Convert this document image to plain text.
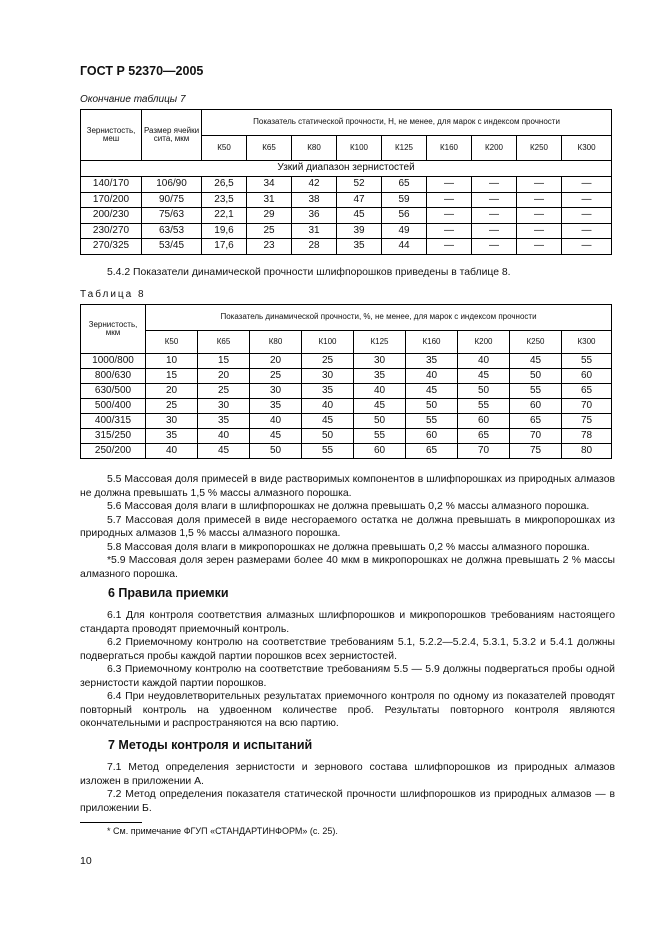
ГОСТ Р 52370—2005
Окончание таблицы 7
Зернистость, меш	Размер ячейки сита, мкм	Показатель статической прочности, Н, не менее, для марок с индексом прочности								
		К50	К65	К80	К100	К125	К160	К200	К250	К300
Узкий диапазон зернистостей										
140/170	106/90	26,5	34	42	52	65	—	—	—	—
170/200	90/75	23,5	31	38	47	59	—	—	—	—
200/230	75/63	22,1	29	36	45	56	—	—	—	—
230/270	63/53	19,6	25	31	39	49	—	—	—	—
270/325	53/45	17,6	23	28	35	44	—	—	—	—

5.4.2 Показатели динамической прочности шлифпорошков приведены в таблице 8.

Таблица 8
Зернистость, мкм	Показатель динамической прочности, %, не менее, для марок с индексом прочности								
	К50	К65	К80	К100	К125	К160	К200	К250	К300
1000/800	10	15	20	25	30	35	40	45	55
800/630	15	20	25	30	35	40	45	50	60
630/500	20	25	30	35	40	45	50	55	65
500/400	25	30	35	40	45	50	55	60	70
400/315	30	35	40	45	50	55	60	65	75
315/250	35	40	45	50	55	60	65	70	78
250/200	40	45	50	55	60	65	70	75	80

5.5 Массовая доля примесей в виде растворимых компонентов в шлифпорошках из природных алмазов не должна превышать 1,5 % массы алмазного порошка.

5.6 Массовая доля влаги в шлифпорошках не должна превышать 0,2 % массы алмазного порошка.

5.7 Массовая доля примесей в виде несгораемого остатка не должна превышать в микропорошках из природных алмазов 1,5 % массы алмазного порошка.

5.8 Массовая доля влаги в микропорошках не должна превышать 0,2 % массы алмазного порошка.

*5.9 Массовая доля зерен размерами более 40 мкм в микропорошках не должна превышать 2 % массы алмазного порошка.

6 Правила приемки

6.1 Для контроля соответствия алмазных шлифпорошков и микропорошков требованиям настоящего стандарта проводят приемочный контроль.

6.2 Приемочному контролю на соответствие требованиям 5.1, 5.2.2—5.2.4, 5.3.1, 5.3.2 и 5.4.1 должны подвергаться пробы каждой партии порошков всех зернистостей.

6.3 Приемочному контролю на соответствие требованиям 5.5 — 5.9 должны подвергаться пробы одной зернистости каждой партии порошков.

6.4 При неудовлетворительных результатах приемочного контроля по одному из показателей проводят повторный контроль на удвоенном количестве проб. Результаты повторного контроля являются окончательными и распространяются на всю партию.

7 Методы контроля и испытаний

7.1 Метод определения зернистости и зернового состава шлифпорошков из природных алмазов изложен в приложении А.

7.2 Метод определения показателя статической прочности шлифпорошков из природных алмазов — в приложении Б.

* См. примечание ФГУП «СТАНДАРТИНФОРМ» (с. 25).
10
